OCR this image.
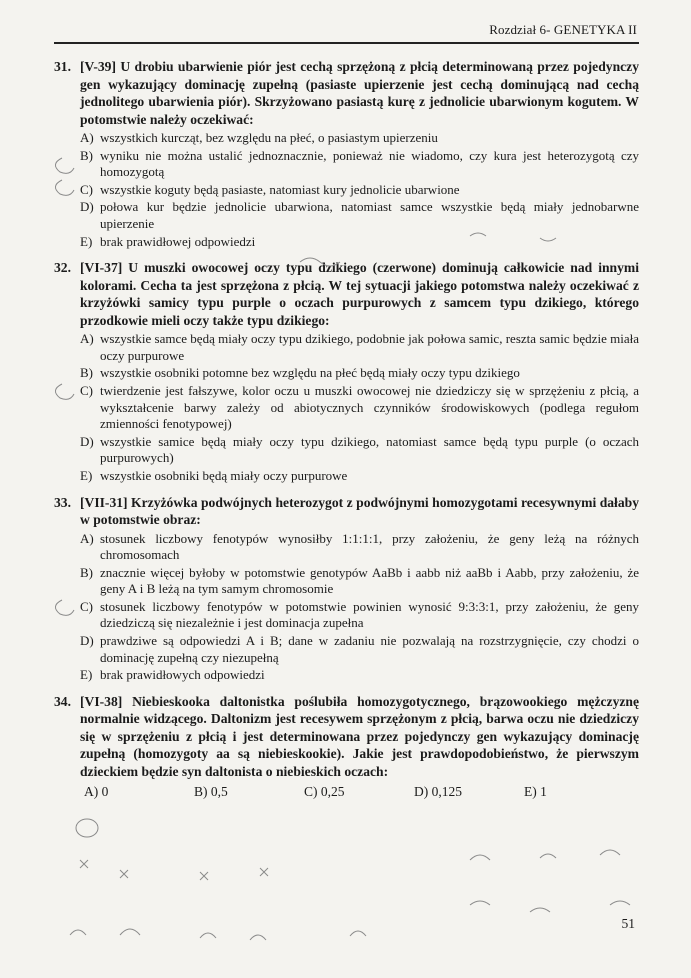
Rozdział 6- GENETYKA II
31. [V-39] U drobiu ubarwienie piór jest cechą sprzężoną z płcią determinowaną przez pojedynczy gen wykazujący dominację zupełną (pasiaste upierzenie jest cechą dominującą nad cechą jednolitego ubarwienia piór). Skrzyżowano pasiastą kurę z jednolicie ubarwionym kogutem. W potomstwie należy oczekiwać:
A) wszystkich kurcząt, bez względu na płeć, o pasiastym upierzeniu
B) wyniku nie można ustalić jednoznacznie, ponieważ nie wiadomo, czy kura jest heterozygotą czy homozygotą
C) wszystkie koguty będą pasiaste, natomiast kury jednolicie ubarwione
D) połowa kur będzie jednolicie ubarwiona, natomiast samce wszystkie będą miały jednobarwne upierzenie
E) brak prawidłowej odpowiedzi
32. [VI-37] U muszki owocowej oczy typu dzikiego (czerwone) dominują całkowicie nad innymi kolorami. Cecha ta jest sprzężona z płcią. W tej sytuacji jakiego potomstwa należy oczekiwać z krzyżówki samicy typu purple o oczach purpurowych z samcem typu dzikiego, którego przodkowie mieli oczy także typu dzikiego:
A) wszystkie samce będą miały oczy typu dzikiego, podobnie jak połowa samic, reszta samic będzie miała oczy purpurowe
B) wszystkie osobniki potomne bez względu na płeć będą miały oczy typu dzikiego
C) twierdzenie jest fałszywe, kolor oczu u muszki owocowej nie dziedziczy się w sprzężeniu z płcią, a wykształcenie barwy zależy od abiotycznych czynników środowiskowych (podlega regułom zmienności fenotypowej)
D) wszystkie samice będą miały oczy typu dzikiego, natomiast samce będą typu purple (o oczach purpurowych)
E) wszystkie osobniki będą miały oczy purpurowe
33. [VII-31] Krzyżówka podwójnych heterozygot z podwójnymi homozygotami recesywnymi dałaby w potomstwie obraz:
A) stosunek liczbowy fenotypów wynosiłby 1:1:1:1, przy założeniu, że geny leżą na różnych chromosomach
B) znacznie więcej byłoby w potomstwie genotypów AaBb i aabb niż aaBb i Aabb, przy założeniu, że geny A i B leżą na tym samym chromosomie
C) stosunek liczbowy fenotypów w potomstwie powinien wynosić 9:3:3:1, przy założeniu, że geny dziedziczą się niezależnie i jest dominacja zupełna
D) prawdziwe są odpowiedzi A i B; dane w zadaniu nie pozwalają na rozstrzygnięcie, czy chodzi o dominację zupełną czy niezupełną
E) brak prawidłowych odpowiedzi
34. [VI-38] Niebieskooka daltonistka poślubiła homozygotycznego, brązowookiego mężczyznę normalnie widzącego. Daltonizm jest recesywem sprzężonym z płcią, barwa oczu nie dziedziczy się w sprzężeniu z płcią i jest determinowana przez pojedynczy gen wykazujący dominację zupełną (homozygoty aa są niebieskookie). Jakie jest prawdopodobieństwo, że pierwszym dzieckiem będzie syn daltonista o niebieskich oczach:
A) 0	B) 0,5	C) 0,25	D) 0,125	E) 1
51
